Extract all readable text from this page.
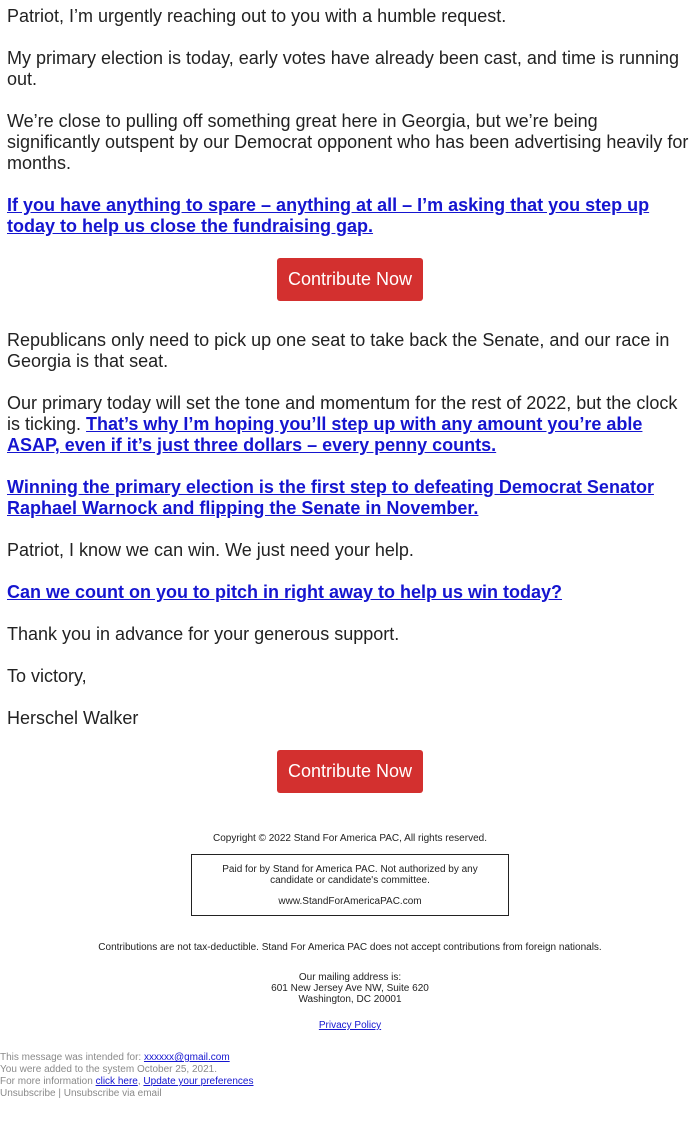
Patriot, I’m urgently reaching out to you with a humble request.

My primary election is today, early votes have already been cast, and time is running out.

We’re close to pulling off something great here in Georgia, but we’re being significantly outspent by our Democrat opponent who has been advertising heavily for months.

If you have anything to spare – anything at all – I’m asking that you step up today to help us close the fundraising gap.

Contribute Now

Republicans only need to pick up one seat to take back the Senate, and our race in Georgia is that seat.

Our primary today will set the tone and momentum for the rest of 2022, but the clock is ticking. That’s why I’m hoping you’ll step up with any amount you’re able ASAP, even if it’s just three dollars – every penny counts.

Winning the primary election is the first step to defeating Democrat Senator Raphael Warnock and flipping the Senate in November.

Patriot, I know we can win. We just need your help.

Can we count on you to pitch in right away to help us win today?

Thank you in advance for your generous support.

To victory,

Herschel Walker

Contribute Now
Copyright © 2022 Stand For America PAC, All rights reserved.
Paid for by Stand for America PAC. Not authorized by any candidate or candidate's committee.
www.StandForAmericaPAC.com
Contributions are not tax-deductible. Stand For America PAC does not accept contributions from foreign nationals.
Our mailing address is:
601 New Jersey Ave NW, Suite 620
Washington, DC 20001
Privacy Policy
This message was intended for: xxxxxx@gmail.com
You were added to the system October 25, 2021.
For more information click here, Update your preferences
Unsubscribe | Unsubscribe via email
